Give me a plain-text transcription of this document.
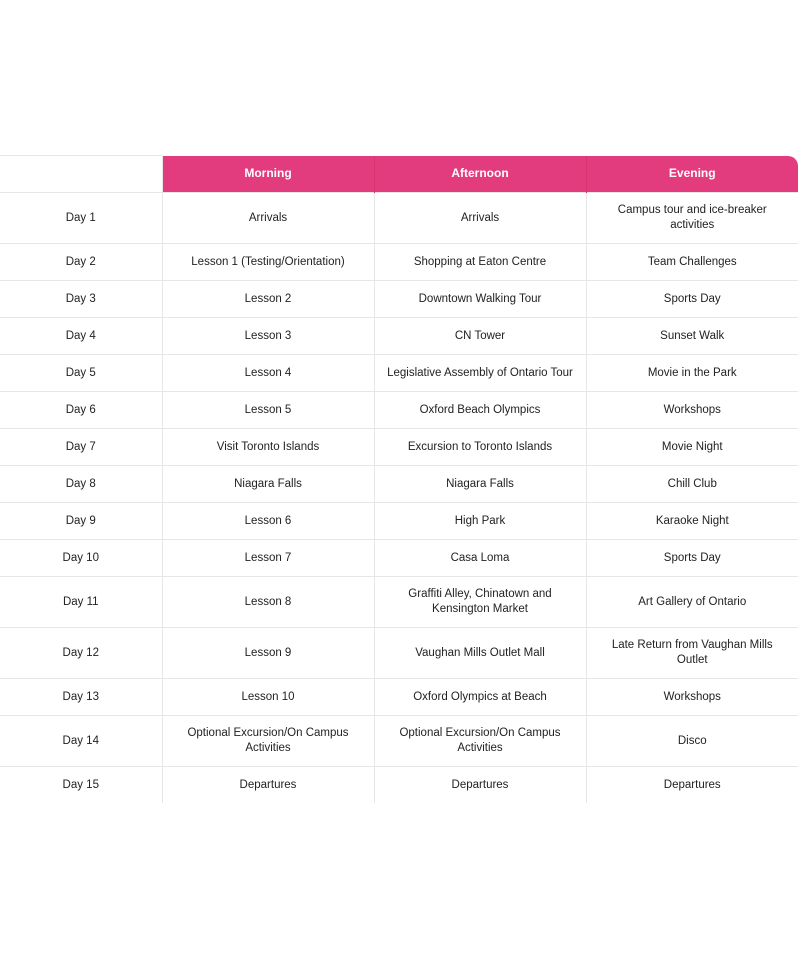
	Morning	Afternoon	Evening
Day 1	Arrivals	Arrivals	Campus tour and ice-breaker activities
Day 2	Lesson 1 (Testing/Orientation)	Shopping at Eaton Centre	Team Challenges
Day 3	Lesson 2	Downtown Walking Tour	Sports Day
Day 4	Lesson 3	CN Tower	Sunset Walk
Day 5	Lesson 4	Legislative Assembly of Ontario Tour	Movie in the Park
Day 6	Lesson 5	Oxford Beach Olympics	Workshops
Day 7	Visit Toronto Islands	Excursion to Toronto Islands	Movie Night
Day 8	Niagara Falls	Niagara Falls	Chill Club
Day 9	Lesson 6	High Park	Karaoke Night
Day 10	Lesson 7	Casa Loma	Sports Day
Day 11	Lesson 8	Graffiti Alley, Chinatown and Kensington Market	Art Gallery of Ontario
Day 12	Lesson 9	Vaughan Mills Outlet Mall	Late Return from Vaughan Mills Outlet
Day 13	Lesson 10	Oxford Olympics at Beach	Workshops
Day 14	Optional Excursion/On Campus Activities	Optional Excursion/On Campus Activities	Disco
Day 15	Departures	Departures	Departures
